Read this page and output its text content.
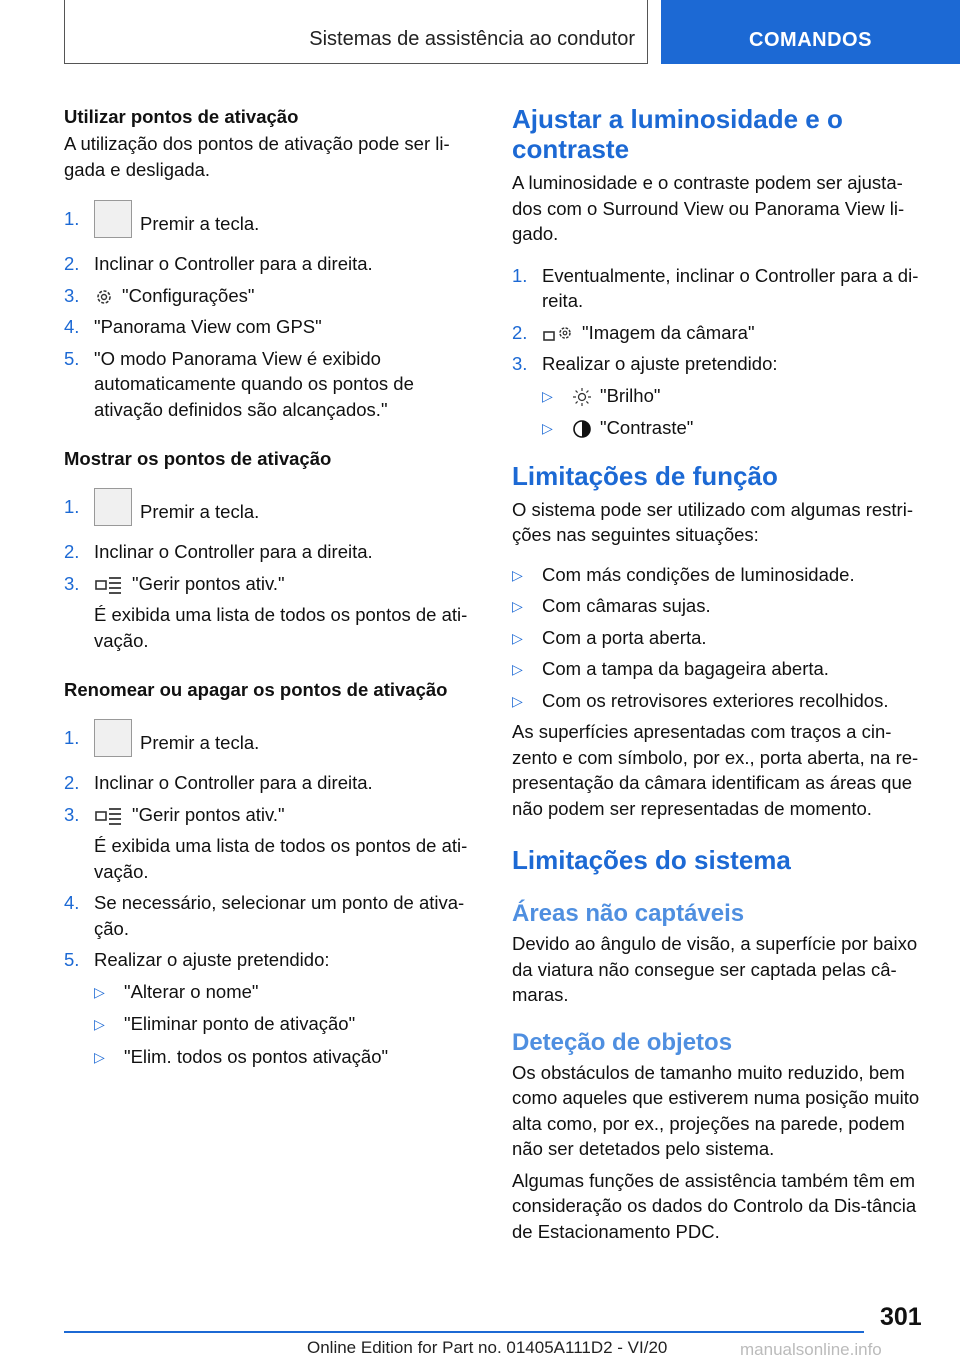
Sistemas de assistência ao condutor	COMANDOS
Utilizar pontos de ativação

A utilização dos pontos de ativação pode ser li-gada e desligada.

1.	Premir a tecla.
2. Inclinar o Controller para a direita.
3. "Configurações"
4. "Panorama View com GPS"
5. "O modo Panorama View é exibido automaticamente quando os pontos de ativação definidos são alcançados."
Mostrar os pontos de ativação
1.	Premir a tecla.
2. Inclinar o Controller para a direita.
3.	"Gerir pontos ativ."
É exibida uma lista de todos os pontos de ati-vação.
Renomear ou apagar os pontos de ativação
1.	Premir a tecla.
2. Inclinar o Controller para a direita.
3.	"Gerir pontos ativ."
É exibida uma lista de todos os pontos de ati-vação.
4. Se necessário, selecionar um ponto de ativa-ção.
5. Realizar o ajuste pretendido:
▷ "Alterar o nome"
▷ "Eliminar ponto de ativação"
▷ "Elim. todos os pontos ativação"
Ajustar a luminosidade e o contraste

A luminosidade e o contraste podem ser ajusta-dos com o Surround View ou Panorama View li-gado.

1. Eventualmente, inclinar o Controller para a di-reita.
2.	"Imagem da câmara"
3. Realizar o ajuste pretendido:
▷	"Brilho"
▷	"Contraste"
Limitações de função

O sistema pode ser utilizado com algumas restri-ções nas seguintes situações:

▷ Com más condições de luminosidade.
▷ Com câmaras sujas.
▷ Com a porta aberta.
▷ Com a tampa da bagageira aberta.
▷ Com os retrovisores exteriores recolhidos.

As superfícies apresentadas com traços a cin-zento e com símbolo, por ex., porta aberta, na re-presentação da câmara identificam as áreas que não podem ser representadas de momento.

Limitações do sistema
Áreas não captáveis

Devido ao ângulo de visão, a superfície por baixo da viatura não consegue ser captada pelas câ-maras.

Deteção de objetos

Os obstáculos de tamanho muito reduzido, bem como aqueles que estiverem numa posição muito alta como, por ex., projeções na parede, podem não ser detetados pelo sistema.

Algumas funções de assistência também têm em consideração os dados do Controlo da Dis-tância de Estacionamento PDC.

301
Online Edition for Part no. 01405A111D2 - VI/20	manualsonline.info
